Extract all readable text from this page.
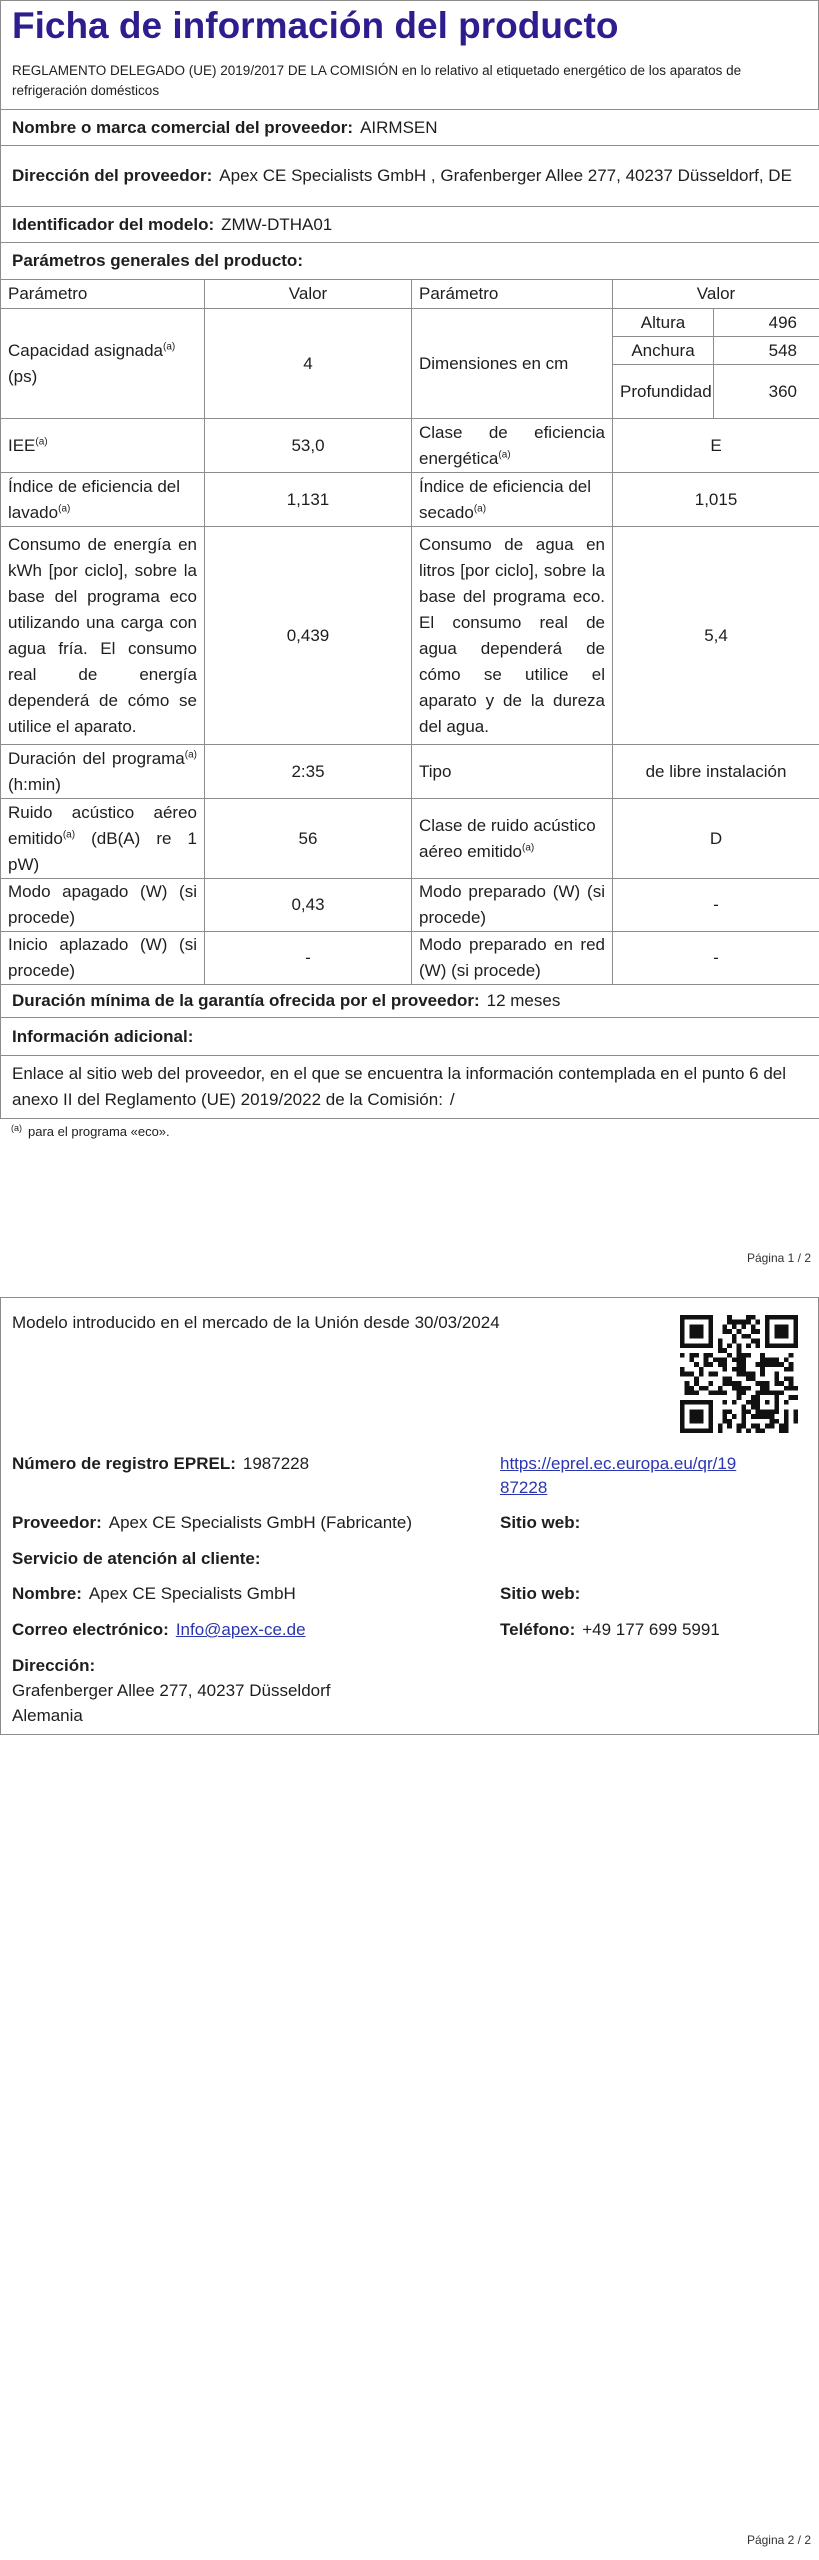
Ficha de información del producto
REGLAMENTO DELEGADO (UE) 2019/2017 DE LA COMISIÓN en lo relativo al etiquetado energético de los aparatos de refrigeración domésticos
Nombre o marca comercial del proveedor: AIRMSEN				
Dirección del proveedor: Apex CE Specialists GmbH , Grafenberger Allee 277, 40237 Düsseldorf, DE				
Identificador del modelo: ZMW-DTHA01				
Parámetros generales del producto:				
Parámetro	Valor	Parámetro	Valor	
Capacidad asignada$^{(a)}$ (ps)	4	Dimensiones en cm	Altura	496
			Anchura	548
			Profundidad	360
IEE$^{(a)}$	53,0	Clase de eficiencia energética$^{(a)}$	E	
Índice de eficiencia del lavado$^{(a)}$	1,131	Índice de eficiencia del secado$^{(a)}$	1,015	
Consumo de energía en kWh [por ciclo], sobre la base del programa eco utilizando una carga con agua fría. El consumo real de energía dependerá de cómo se utilice el aparato.	0,439	Consumo de agua en litros [por ciclo], sobre la base del programa eco. El consumo real de agua dependerá de cómo se utilice el aparato y de la dureza del agua.	5,4	
Duración del programa$^{(a)}$ (h:min)	2:35	Tipo	de libre instalación	
Ruido acústico aéreo emitido$^{(a)}$ (dB(A) re 1 pW)	56	Clase de ruido acústico aéreo emitido$^{(a)}$	D	
Modo apagado (W) (si procede)	0,43	Modo preparado (W) (si procede)	-	
Inicio aplazado (W) (si procede)	-	Modo preparado en red (W) (si procede)	-	
Duración mínima de la garantía ofrecida por el proveedor: 12 meses				
Información adicional:				
Enlace al sitio web del proveedor, en el que se encuentra la información contemplada en el punto 6 del anexo II del Reglamento (UE) 2019/2022 de la Comisión: /				
$^{(a)}$ para el programa «eco».
Página 1 / 2
Modelo introducido en el mercado de la Unión desde 30/03/2024
Número de registro EPREL: 1987228	https://eprel.ec.europa.eu/qr/1987228
Proveedor: Apex CE Specialists GmbH (Fabricante)	Sitio web:
Servicio de atención al cliente:
Nombre: Apex CE Specialists GmbH	Sitio web:
Correo electrónico: Info@apex-ce.de	Teléfono: +49 177 699 5991
Dirección:
Grafenberger Allee 277, 40237 Düsseldorf
Alemania
Página 2 / 2
